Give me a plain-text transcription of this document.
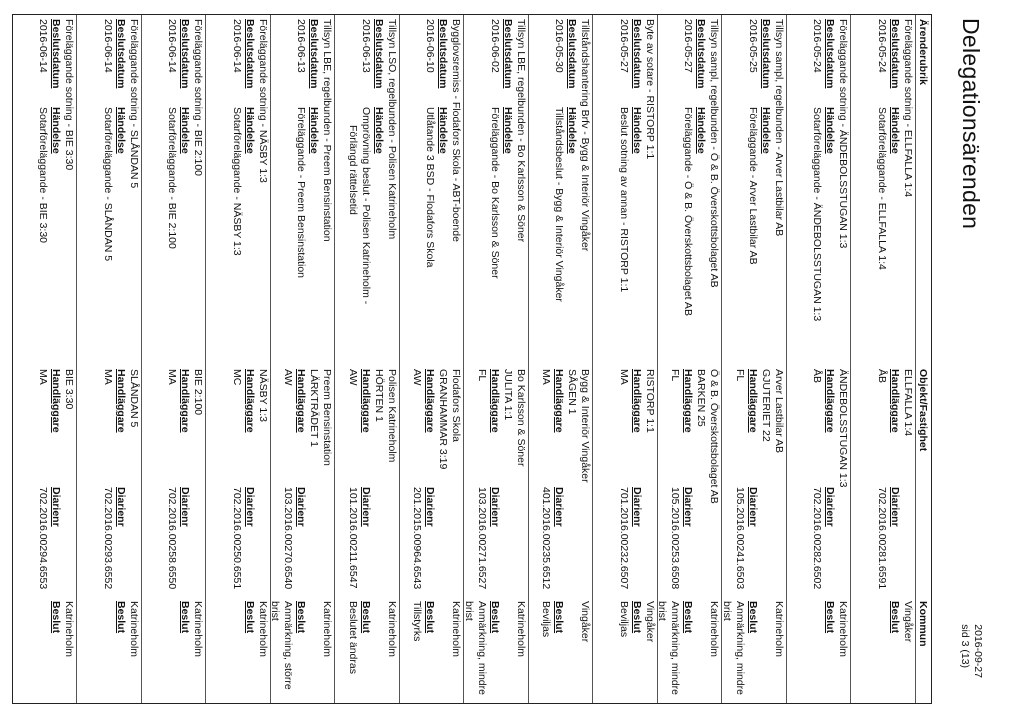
Delegationsärenden
2016-09-27
sid 3 (13)
Ärenderubrik
Objekt/Fastighet
Kommun
Föreläggande sotning - ELLFALLA 1:4
ELLFALLA 1:4
Vingåker
Beslutsdatum
Händelse
Handläggare
Diarienr
Beslut
2016-05-24
Sotarföreläggande - ELLFALLA 1:4
ÅB
702.2016.00281.6591
Föreläggande sotning - ÄNDEBOLSSTUGAN 1:3
ÄNDEBOLSSTUGAN 1:3
Katrineholm
Beslutsdatum
Händelse
Handläggare
Diarienr
Beslut
2016-05-24
Sotarföreläggande - ÄNDEBOLSSTUGAN 1:3
ÅB
702.2016.00282.6502
Tillsyn sampl, regelbunden - Arver Lastbilar AB
Arver Lastbilar AB
GJUTERIET 22
Katrineholm
Beslutsdatum
Händelse
Handläggare
Diarienr
Beslut
2016-05-25
Föreläggande - Arver Lastbilar AB
FL
105.2016.00241.6503
Anmärkning, mindre brist
Tillsyn sampl, regelbunden - Ö & B. Överskottsbolaget AB
Ö & B. Överskottsbolaget AB
BARKEN 25
Katrineholm
Beslutsdatum
Händelse
Handläggare
Diarienr
Beslut
2016-05-27
Föreläggande - Ö & B. Överskottsbolaget AB
FL
105.2016.00253.6508
Anmärkning, mindre brist
Byte av sotare - RISTORP 1:1
RISTORP 1:1
Vingåker
Beslutsdatum
Händelse
Handläggare
Diarienr
Beslut
2016-05-27
Beslut sotning av annan - RISTORP 1:1
MA
701.2016.00232.6507
Beviljas
Tillståndshantering Brfv - Bygg & Interiör Vingåker
Bygg & Interiör Vingåker
SÅGEN 1
Vingåker
Beslutsdatum
Händelse
Handläggare
Diarienr
Beslut
2016-05-30
Tillståndsbeslut - Bygg & Interiör Vingåker
MA
401.2016.00235.6512
Beviljas
Tillsyn LBE, regelbunden - Bo Karlsson & Söner
Bo Karlsson & Söner
JULITA 1:1
Katrineholm
Beslutsdatum
Händelse
Handläggare
Diarienr
Beslut
2016-06-02
Föreläggande - Bo Karlsson & Söner
FL
103.2016.00271.6527
Anmärkning, mindre brist
Bygglovsremiss - Flodafors Skola - ABT-boende
Flodafors Skola
GRANHAMMAR 3:19
Katrineholm
Beslutsdatum
Händelse
Handläggare
Diarienr
Beslut
2016-06-10
Utlåtande 3 BSD - Flodafors Skola
AW
201.2015.00964.6543
Tillstyrks
Tillsyn LSO, regelbunden - Polisen Katrineholm
Polisen Katrineholm
HÖRTEN 1
Katrineholm
Beslutsdatum
Händelse
Handläggare
Diarienr
Beslut
2016-06-13
Omprövning beslut - Polisen Katrineholm -
Förlängd rättelsetid
AW
101.2016.00211.6547
Beslutet ändras
Tillsyn LBE, regelbunden - Preem Bensinstation
Preem Bensinstation
LÄRKTRÄDET 1
Katrineholm
Beslutsdatum
Händelse
Handläggare
Diarienr
Beslut
2016-06-13
Föreläggande - Preem Bensinstation
AW
103.2016.00270.6540
Anmärkning, större brist
Föreläggande sotning - NÄSBY 1:3
NÄSBY 1:3
Katrineholm
Beslutsdatum
Händelse
Handläggare
Diarienr
Beslut
2016-06-14
Sotarföreläggande - NÄSBY 1:3
MC
702.2016.00250.6551
Föreläggande sotning - BIE 2:100
BIE 2:100
Katrineholm
Beslutsdatum
Händelse
Handläggare
Diarienr
Beslut
2016-06-14
Sotarföreläggande - BIE 2:100
MA
702.2016.00258.6550
Föreläggande sotning - SLÅNDAN 5
SLÅNDAN 5
Katrineholm
Beslutsdatum
Händelse
Handläggare
Diarienr
Beslut
2016-06-14
Sotarföreläggande - SLÅNDAN 5
MA
702.2016.00293.6552
Föreläggande sotning - BIE 3:30
BIE 3:30
Katrineholm
Beslutsdatum
Händelse
Handläggare
Diarienr
Beslut
2016-06-14
Sotarföreläggande - BIE 3:30
MA
702.2016.00294.6553
